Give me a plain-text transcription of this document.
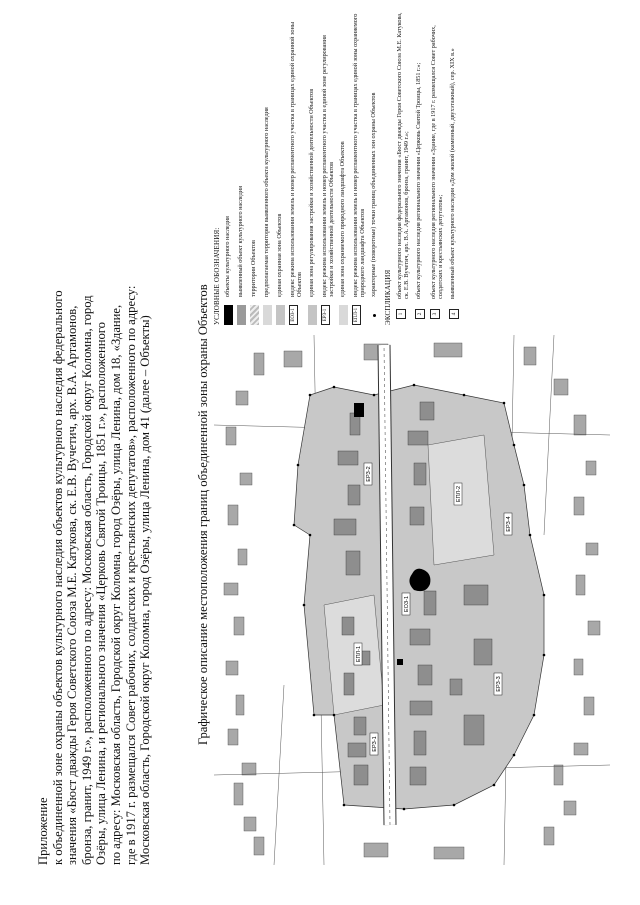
Приложение к объединенной зоне охраны объектов культурного наследия объектов культурного наследия федерального значения «Бюст дважды Героя Советского Союза М.Е. Катукова, ск. Е.В. Вучетич, арх. В.А. Артамонов, бронза, гранит, 1949 г.», расположенного по адресу: Московская область, Городской округ Коломна, город Озёры, улица Ленина, и регионального значения «Церковь Святой Троицы, 1851 г.», расположенного по адресу: Московская область, Городской округ Коломна, город Озёры, улица Ленина, дом 18, «Здание, где в 1917 г. размещался Совет рабочих, солдатских и крестьянских депутатов», расположенного по адресу: Московская область, Городской округ Коломна, город Озёры, улица Ленина, дом 41 (далее – Объекты)	Графическое описание местоположения границ объединенной зоны охраны Объектов	ЕОЗ-1
ЕРЗ-1
ЕРЗ-2
ЕРЗ-3
ЕРЗ-4
ЕПЛ-1
ЕПЛ-2
УСЛОВНЫЕ ОБОЗНАЧЕНИЯ: объекты культурного наследия выявленный объект культурного наследия территории Объектов предполагаемая территория выявленного объекта культурного наследия единая охранная зона Объектов
ЕОЗ-1
индекс режима использования земель и номер регламентного участка в границах единой охранной зоны Объектов единая зона регулирования застройки и хозяйственной деятельности Объектов
ЕРЗ-1
индекс режима использования земель и номер регламентного участка в единой зоне регулирования застройки и хозяйственной деятельности Объектов единая зона охраняемого природного ландшафта Объектов
ЕПЛ-1
индекс режима использования земель и номер регламентного участка в границах единой зоны охраняемого природного ландшафта Объектов характерные (поворотные) точки границ объединенных зон охраны Объектов
ЭКСПЛИКАЦИЯ 1
объект культурного наследия федерального значения «Бюст дважды Героя Советского Союза М.Е. Катукова, ск. Е.В. Вучетич, арх. В.А. Артамонов, бронза, гранит, 1949 г.»;
2
объект культурного наследия регионального значения «Церковь Святой Троицы, 1851 г.»;
3
объект культурного наследия регионального значения «Здание, где в 1917 г. размещался Совет рабочих, солдатских и крестьянских депутатов»;
4
выявленный объект культурного наследия «Дом жилой (каменный, двухэтажный), сер. XIX в.»
